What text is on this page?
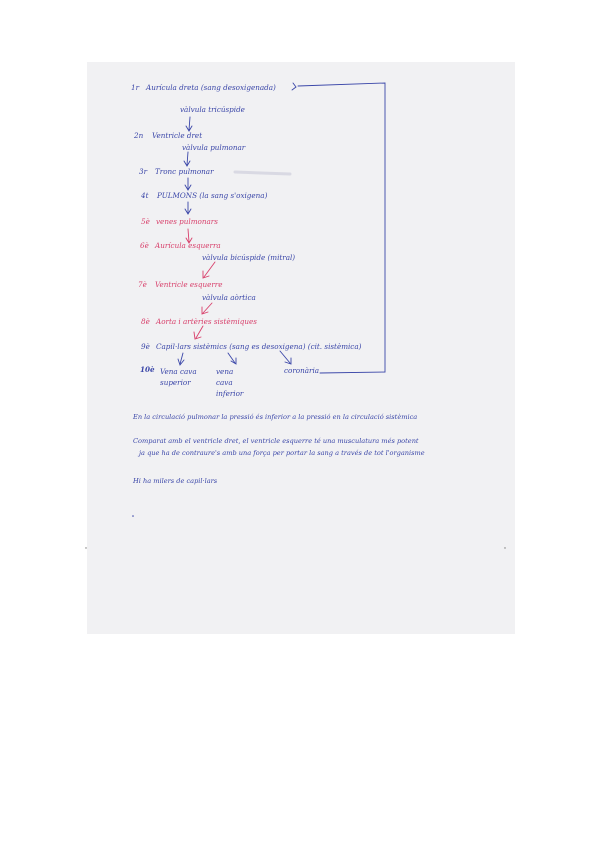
1r Aurícula dreta (sang desoxigenada)
vàlvula tricúspide
2n Ventricle dret
vàlvula pulmonar
3r Tronc pulmonar
4t PULMONS (la sang s'oxigena)
5è venes pulmonars
6è Aurícula esquerra
vàlvula bicúspide (mitral)
7è Ventricle esquerre
vàlvula aòrtica
8è Aorta i artèries sistèmiques
9è Capil·lars sistèmics (sang es desoxigena) (cit. sistèmica)
10è Vena cava superior
vena cava inferior
coronària
En la circulació pulmonar la pressió és inferior a la pressió en la circulació sistèmica
Comparat amb el ventricle dret, el ventricle esquerre té una musculatura més potent
ja que ha de contraure's amb una força per portar la sang a través de tot l'organisme
Hi ha milers de capil·lars
